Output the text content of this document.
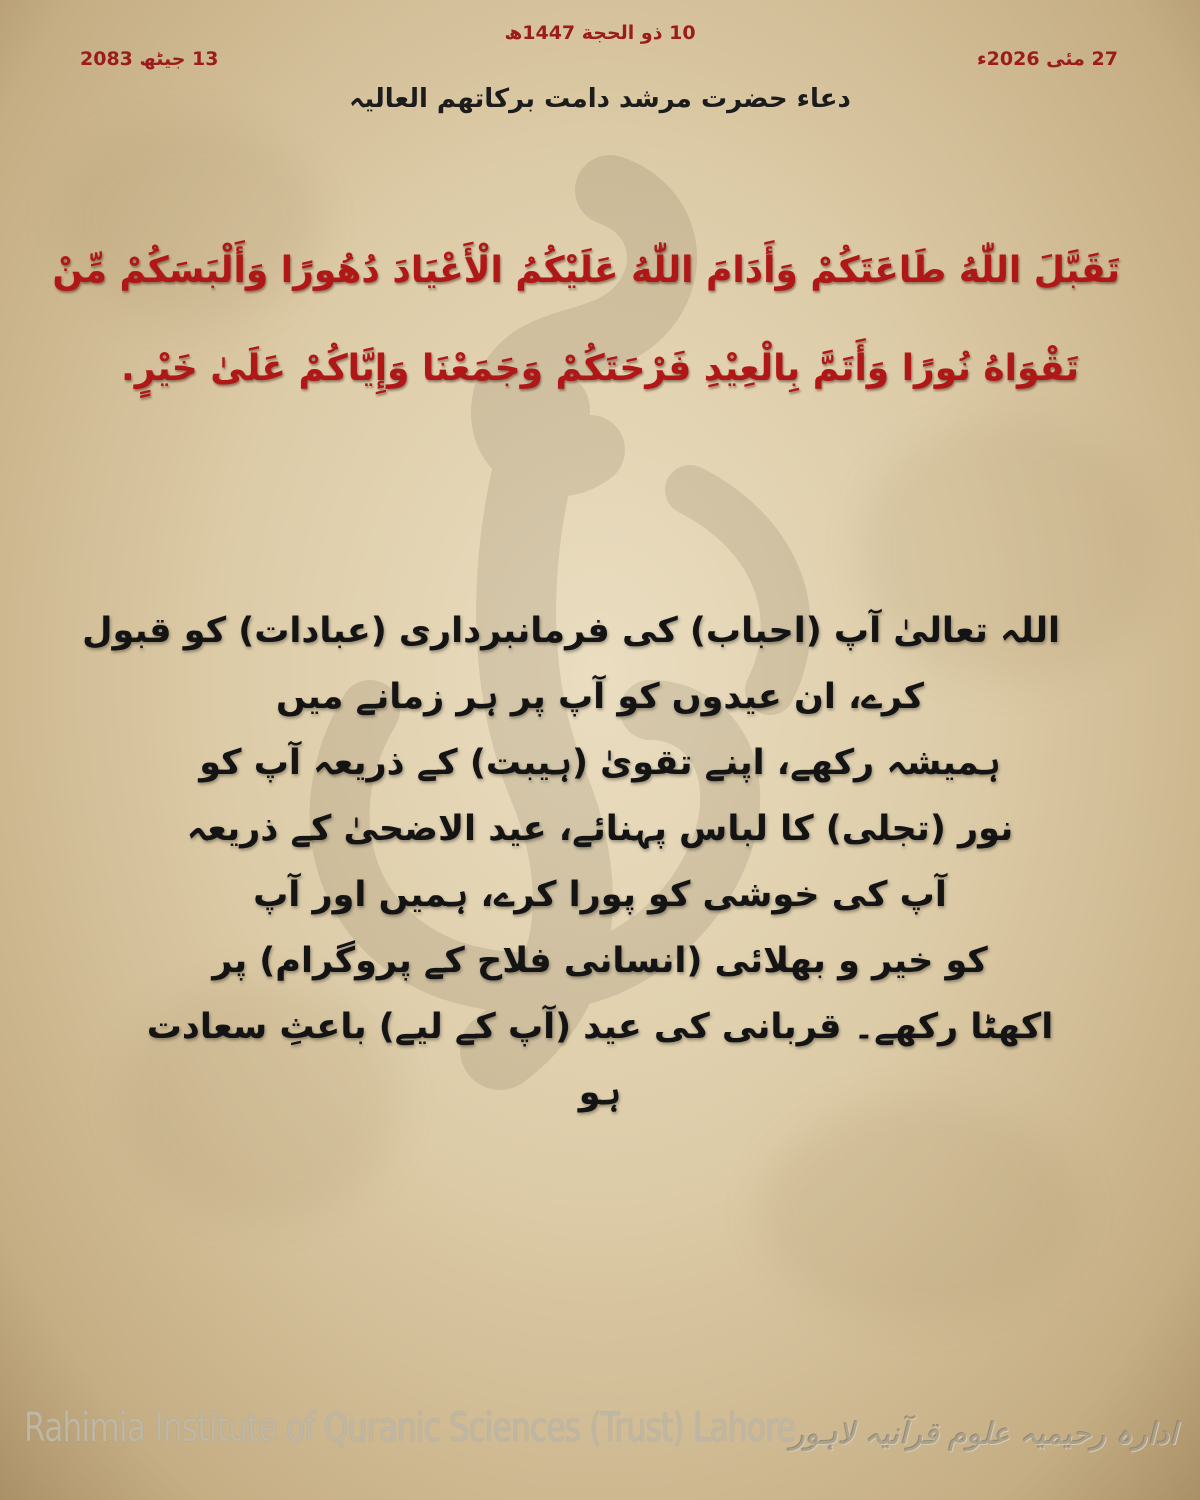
10 ذو الحجة 1447ھ
27 مئی 2026ء
13 جیٹھ 2083
دعاء حضرت مرشد دامت برکاتھم العالیہ
تَقَبَّلَ اللّٰهُ طَاعَتَكُمْ وَأَدَامَ اللّٰهُ عَلَيْكُمُ الْأَعْيَادَ دُهُورًا وَأَلْبَسَكُمْ مِّنْ
تَقْوَاهُ نُورًا وَأَتَمَّ بِالْعِيْدِ فَرْحَتَكُمْ وَجَمَعْنَا وَإِيَّاكُمْ عَلَىٰ خَيْرٍ.
اللہ تعالیٰ آپ (احباب) کی فرمانبرداری (عبادات) کو قبول
کرے، ان عیدوں کو آپ پر ہر زمانے میں
ہمیشہ رکھے، اپنے تقویٰ (ہیبت) کے ذریعہ آپ کو
نور (تجلی) کا لباس پہنائے، عید الاضحیٰ کے ذریعہ
آپ کی خوشی کو پورا کرے، ہمیں اور آپ
کو خیر و بھلائی (انسانی فلاح کے پروگرام) پر
اکھٹا رکھے۔ قربانی کی عید (آپ کے لیے) باعثِ سعادت
ہو
Rahimia Institute of Quranic Sciences (Trust) Lahore
ادارہ رحیمیہ علوم قرآنیہ لاہور
